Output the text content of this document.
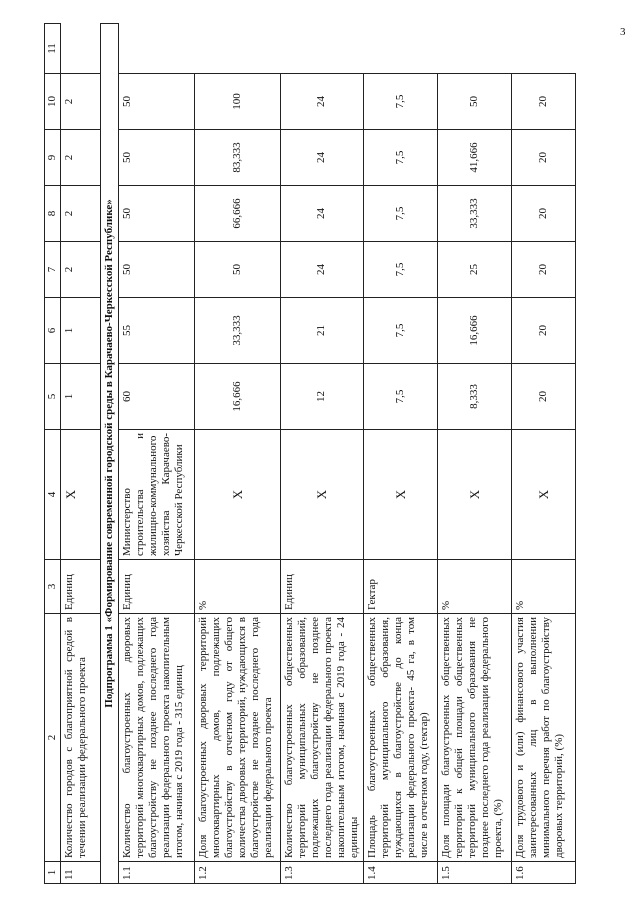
3
1	2	3	4	5	6	7	8	9	10	11
11	Количество городов с благоприятной средой в течении реализации федерального проекта	Единиц	X	1	1	2	2	2	2
Подпрограмма 1 «Формирование современной городской среды в Карачаево-Черкесской Республике»										
1.1	Количество благоустроенных дворовых территорий многоквартирных домов, подлежащих благоустройству не позднее последнего года реализации федерального проекта накопительным итогом, начиная с 2019 года - 315 единиц	Единиц	Министерство строительства и жилищно-коммунального хозяйства Карачаево-Черкесской Республики	60	55	50	50	50	50
1.2	Доля благоустроенных дворовых территорий многоквартирных домов, подлежащих благоустройству в отчетном году от общего количества дворовых территорий, нуждающихся в благоустройстве не позднее последнего года реализации федерального проекта	%	X	16,666	33,333	50	66,666	83,333	100
1.3	Количество благоустроенных общественных территорий муниципальных образований, подлежащих благоустройству не позднее последнего года реализации федерального проекта накопительным итогом, начиная с 2019 года - 24 единицы	Единиц	X	12	21	24	24	24	24
1.4	Площадь благоустроенных общественных территорий муниципального образования, нуждающихся в благоустройстве до конца реализации федерального проекта- 45 га, в том числе в отчетном году, (гектар)	Гектар	X	7,5	7,5	7,5	7,5	7,5	7,5
1.5	Доля площади благоустроенных общественных территорий к общей площади общественных территорий муниципального образования не позднее последнего года реализации федерального проекта, (%)	%	X	8,333	16,666	25	33,333	41,666	50
1.6	Доля трудового и (или) финансового участия заинтересованных лиц в выполнении минимального перечня работ по благоустройству дворовых территорий, (%)	%	X	20	20	20	20	20	20
